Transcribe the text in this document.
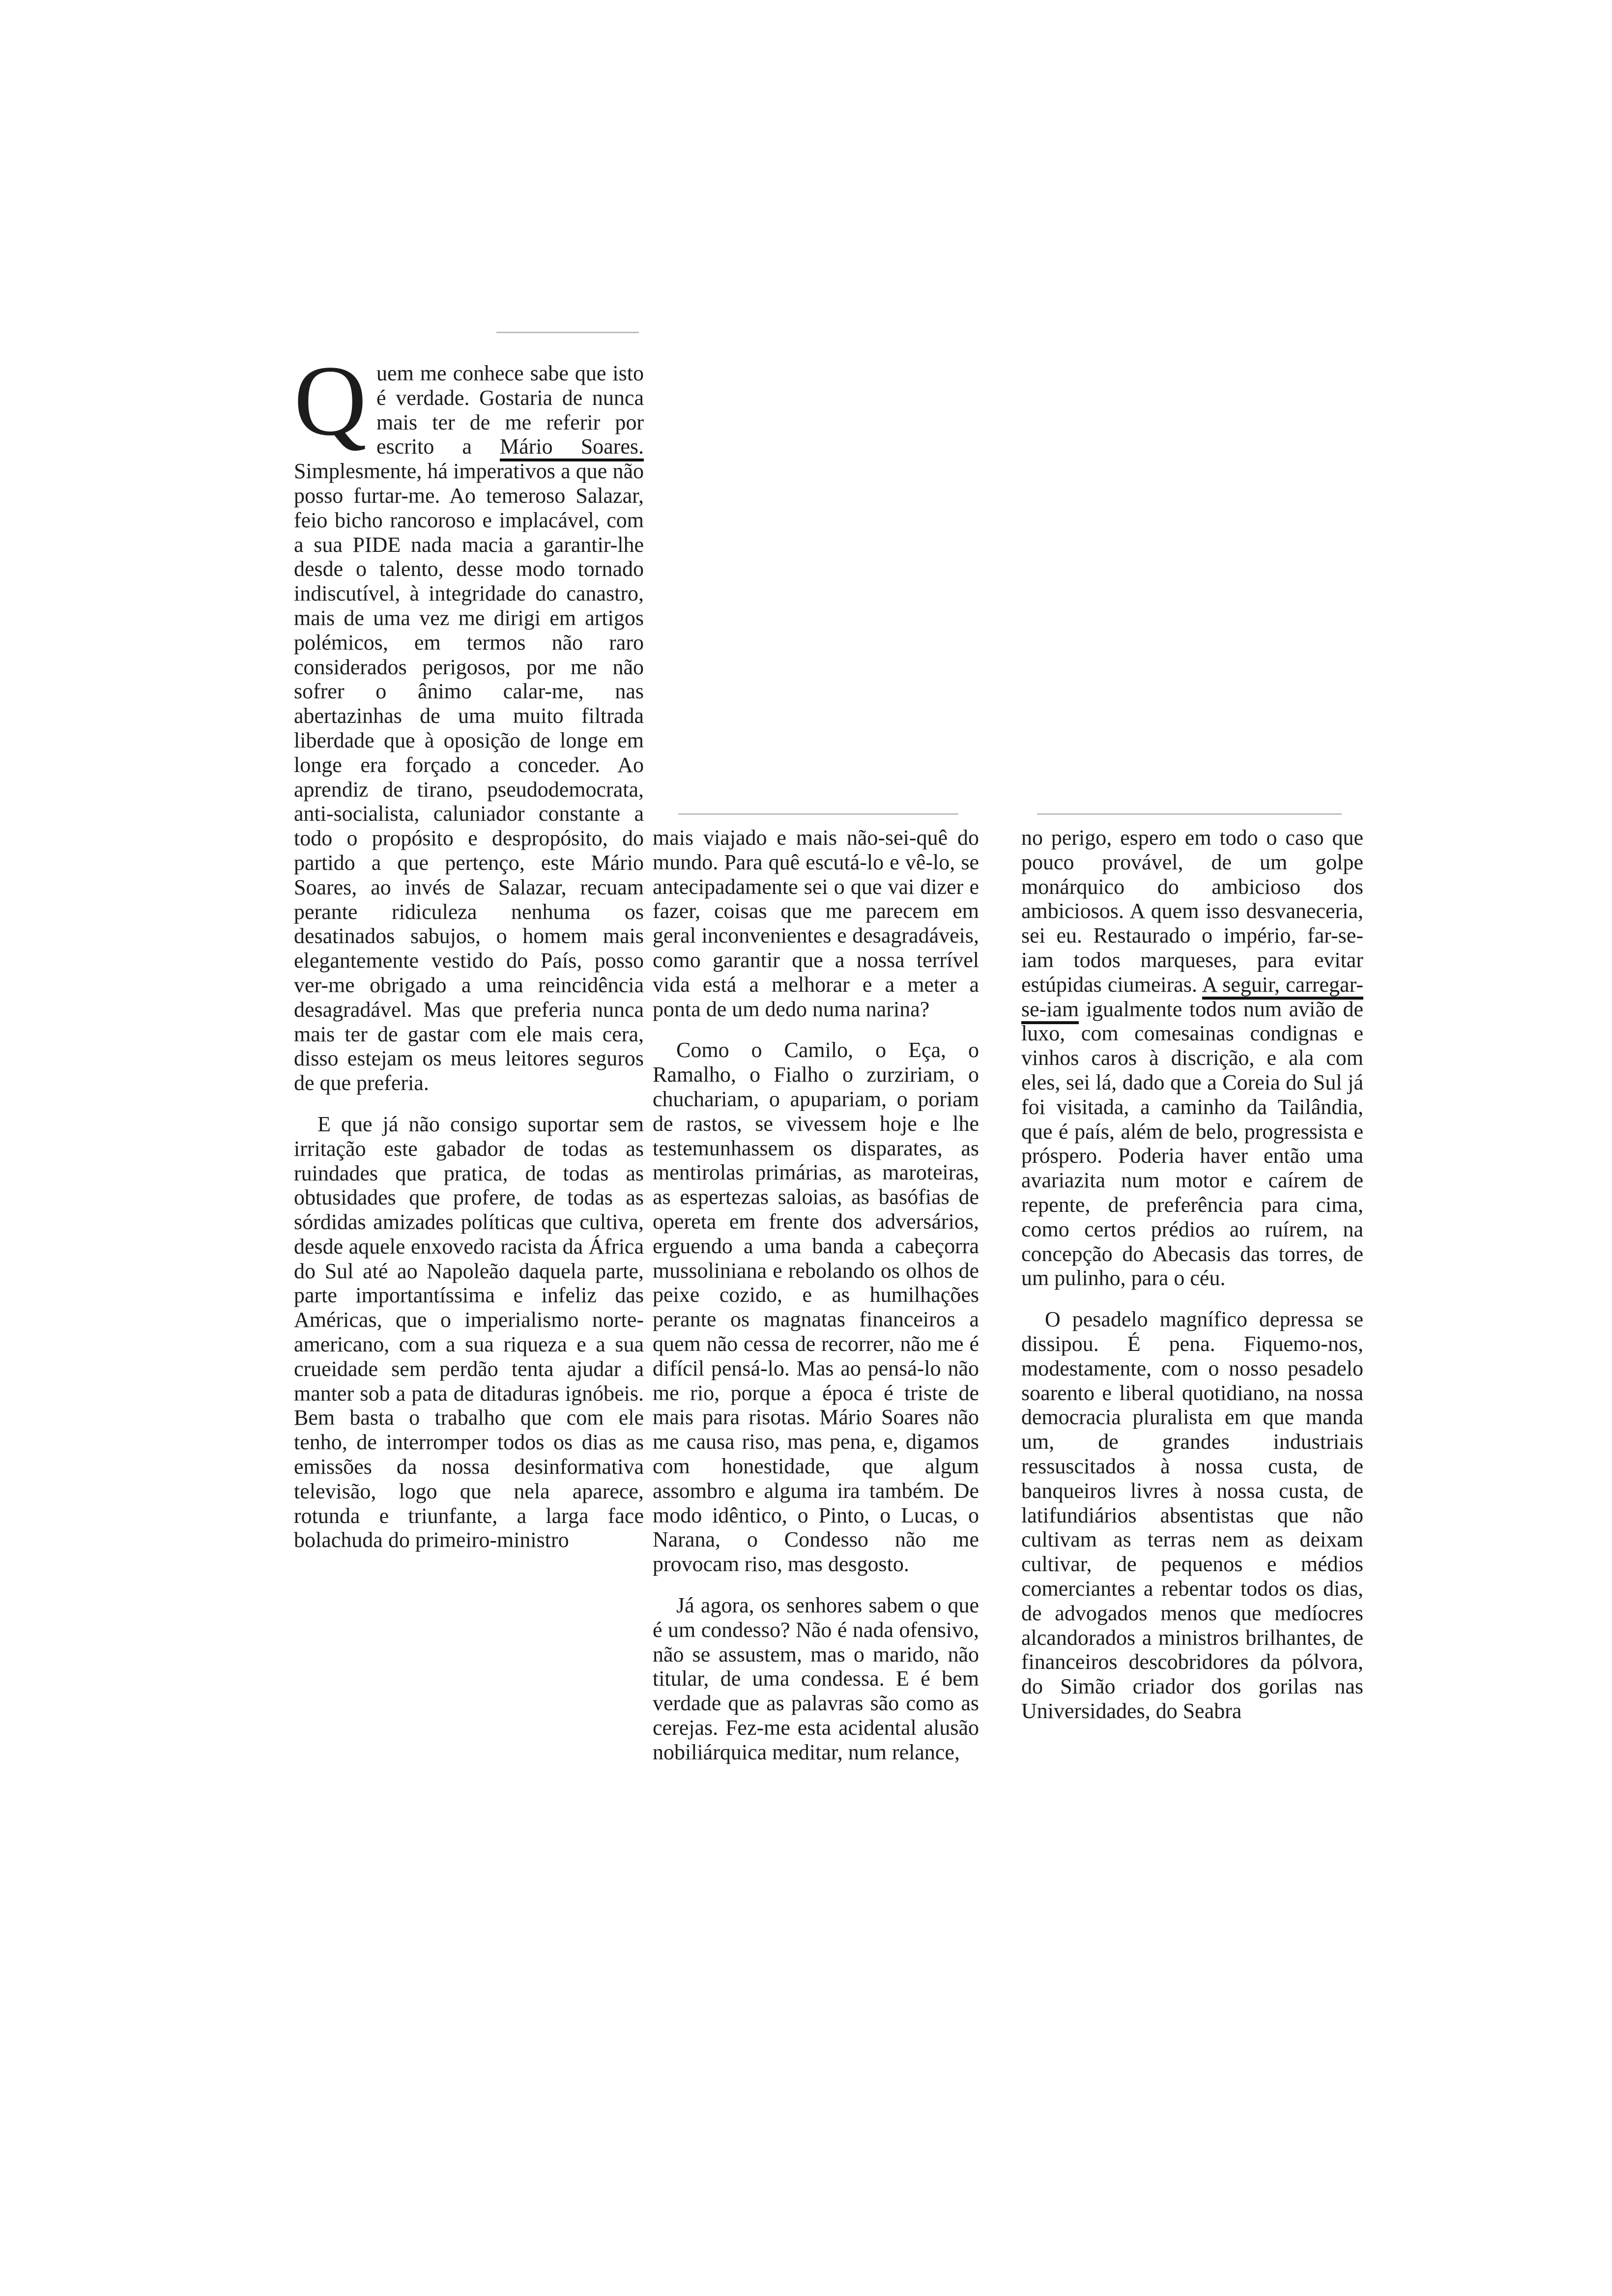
Quem me conhece sabe que isto é verdade. Gostaria de nunca mais ter de me referir por escrito a Mário Soares. Simplesmente, há imperativos a que não posso furtar-me. Ao temeroso Salazar, feio bicho rancoroso e implacável, com a sua PIDE nada macia a garantir-lhe desde o talento, desse modo tornado indiscutível, à integridade do canastro, mais de uma vez me dirigi em artigos polémicos, em termos não raro considerados perigosos, por me não sofrer o ânimo calar-me, nas abertazinhas de uma muito filtrada liberdade que à oposição de longe em longe era forçado a conceder. Ao aprendiz de tirano, pseudodemocrata, anti-socialista, caluniador constante a todo o propósito e despropósito, do partido a que pertenço, este Mário Soares, ao invés de Salazar, recuam perante ridiculeza nenhuma os desatinados sabujos, o homem mais elegantemente vestido do País, posso ver-me obrigado a uma reincidência desagradável. Mas que preferia nunca mais ter de gastar com ele mais cera, disso estejam os meus leitores seguros de que preferia.

E que já não consigo suportar sem irritação este gabador de todas as ruindades que pratica, de todas as obtusidades que profere, de todas as sórdidas amizades políticas que cultiva, desde aquele enxovedo racista da África do Sul até ao Napoleão daquela parte, parte importantíssima e infeliz das Américas, que o imperialismo norte-americano, com a sua riqueza e a sua crueidade sem perdão tenta ajudar a manter sob a pata de ditaduras ignóbeis. Bem basta o trabalho que com ele tenho, de interromper todos os dias as emissões da nossa desinformativa televisão, logo que nela aparece, rotunda e triunfante, a larga face bolachuda do primeiro-ministro

mais viajado e mais não-sei-quê do mundo. Para quê escutá-lo e vê-lo, se antecipadamente sei o que vai dizer e fazer, coisas que me parecem em geral inconvenientes e desagradáveis, como garantir que a nossa terrível vida está a melhorar e a meter a ponta de um dedo numa narina?

Como o Camilo, o Eça, o Ramalho, o Fialho o zurziriam, o chuchariam, o apupariam, o poriam de rastos, se vivessem hoje e lhe testemunhassem os disparates, as mentirolas primárias, as maroteiras, as espertezas saloias, as basófias de opereta em frente dos adversários, erguendo a uma banda a cabeçorra mussoliniana e rebolando os olhos de peixe cozido, e as humilhações perante os magnatas financeiros a quem não cessa de recorrer, não me é difícil pensá-lo. Mas ao pensá-lo não me rio, porque a época é triste de mais para risotas. Mário Soares não me causa riso, mas pena, e, digamos com honestidade, que algum assombro e alguma ira também. De modo idêntico, o Pinto, o Lucas, o Narana, o Condesso não me provocam riso, mas desgosto.

Já agora, os senhores sabem o que é um condesso? Não é nada ofensivo, não se assustem, mas o marido, não titular, de uma condessa. E é bem verdade que as palavras são como as cerejas. Fez-me esta acidental alusão nobiliárquica meditar, num relance,

no perigo, espero em todo o caso que pouco provável, de um golpe monárquico do ambicioso dos ambiciosos. A quem isso desvaneceria, sei eu. Restaurado o império, far-se-iam todos marqueses, para evitar estúpidas ciumeiras. A seguir, carregar-se-iam igualmente todos num avião de luxo, com comesainas condignas e vinhos caros à discrição, e ala com eles, sei lá, dado que a Coreia do Sul já foi visitada, a caminho da Tailândia, que é país, além de belo, progressista e próspero. Poderia haver então uma avariazita num motor e caírem de repente, de preferência para cima, como certos prédios ao ruírem, na concepção do Abecasis das torres, de um pulinho, para o céu.

O pesadelo magnífico depressa se dissipou. É pena. Fiquemo-nos, modestamente, com o nosso pesadelo soarento e liberal quotidiano, na nossa democracia pluralista em que manda um, de grandes industriais ressuscitados à nossa custa, de banqueiros livres à nossa custa, de latifundiários absentistas que não cultivam as terras nem as deixam cultivar, de pequenos e médios comerciantes a rebentar todos os dias, de advogados menos que medíocres alcandorados a ministros brilhantes, de financeiros descobridores da pólvora, do Simão criador dos gorilas nas Universidades, do Seabra
